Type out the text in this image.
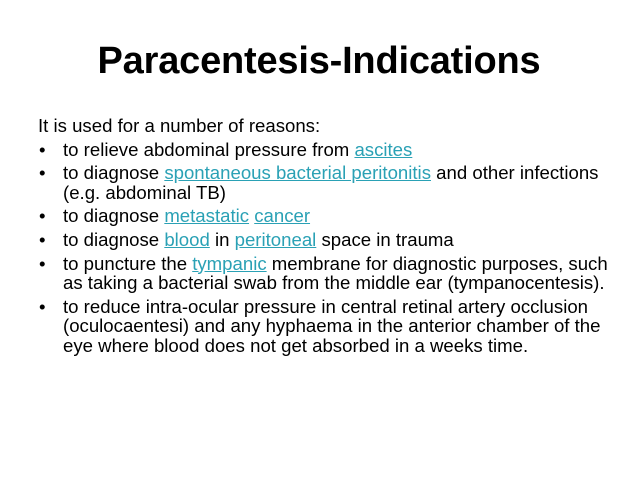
Paracentesis-Indications
It is used for a number of reasons:
• to relieve abdominal pressure from ascites
• to diagnose spontaneous bacterial peritonitis and other infections (e.g. abdominal TB)
• to diagnose metastatic cancer
• to diagnose blood in peritoneal space in trauma
• to puncture the tympanic membrane for diagnostic purposes, such as taking a bacterial swab from the middle ear (tympanocentesis).
• to reduce intra-ocular pressure in central retinal artery occlusion (oculocaentesi) and any hyphaema in the anterior chamber of the eye where blood does not get absorbed in a weeks time.
